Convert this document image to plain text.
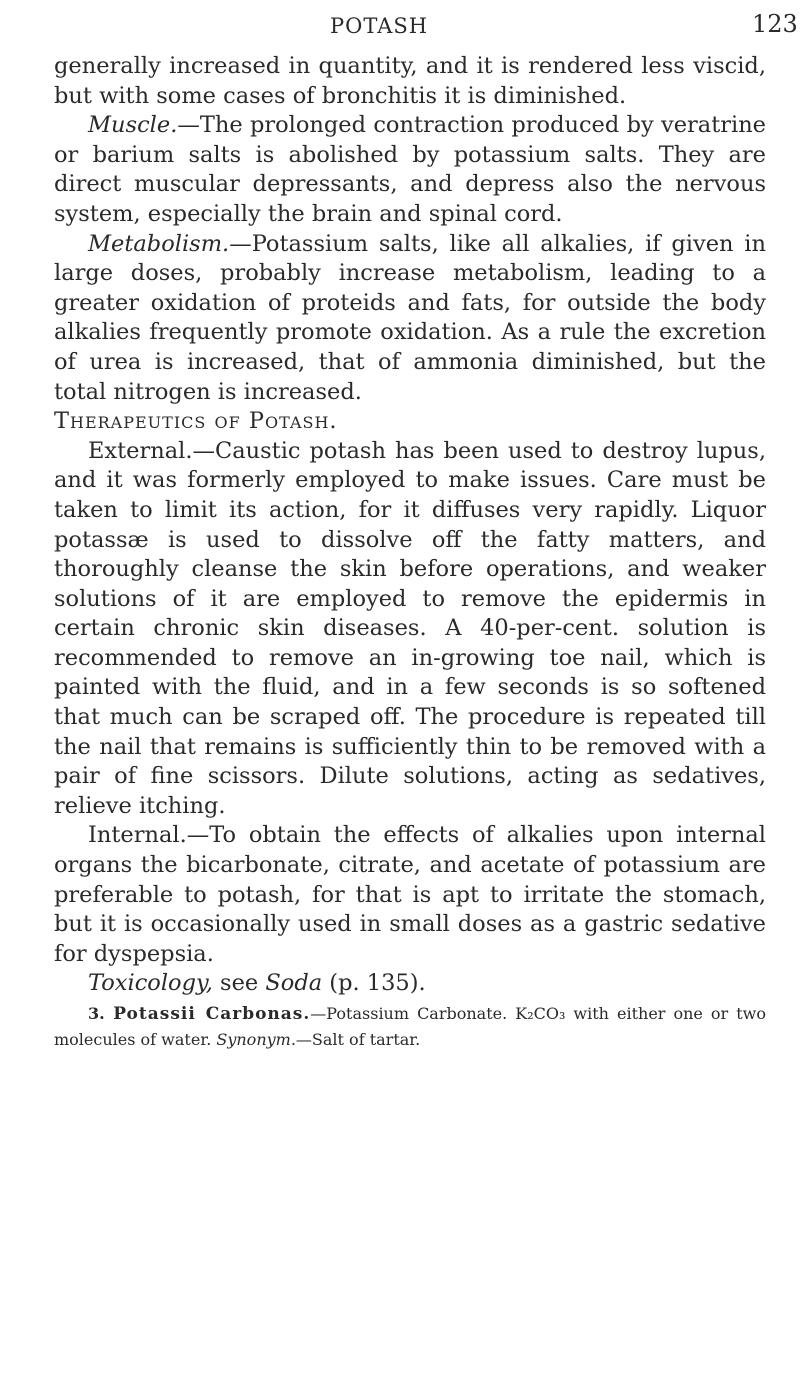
POTASH	123

generally increased in quantity, and it is rendered less viscid, but with some cases of bronchitis it is diminished.

Muscle.—The prolonged contraction produced by veratrine or barium salts is abolished by potassium salts. They are direct muscular depressants, and depress also the nervous system, especially the brain and spinal cord.

Metabolism.—Potassium salts, like all alkalies, if given in large doses, probably increase metabolism, leading to a greater oxidation of proteids and fats, for outside the body alkalies frequently promote oxidation. As a rule the excretion of urea is increased, that of ammonia diminished, but the total nitrogen is increased.

Therapeutics of Potash.

External.—Caustic potash has been used to destroy lupus, and it was formerly employed to make issues. Care must be taken to limit its action, for it diffuses very rapidly. Liquor potassæ is used to dissolve off the fatty matters, and thoroughly cleanse the skin before operations, and weaker solutions of it are employed to remove the epidermis in certain chronic skin diseases. A 40-per-cent. solution is recommended to remove an in-growing toe nail, which is painted with the fluid, and in a few seconds is so softened that much can be scraped off. The procedure is repeated till the nail that remains is sufficiently thin to be removed with a pair of fine scissors. Dilute solutions, acting as sedatives, relieve itching.

Internal.—To obtain the effects of alkalies upon internal organs the bicarbonate, citrate, and acetate of potassium are preferable to potash, for that is apt to irritate the stomach, but it is occasionally used in small doses as a gastric sedative for dyspepsia.

Toxicology, see Soda (p. 135).

3. Potassii Carbonas.—Potassium Carbonate. K₂CO₃ with either one or two molecules of water. Synonym.—Salt of tartar.
